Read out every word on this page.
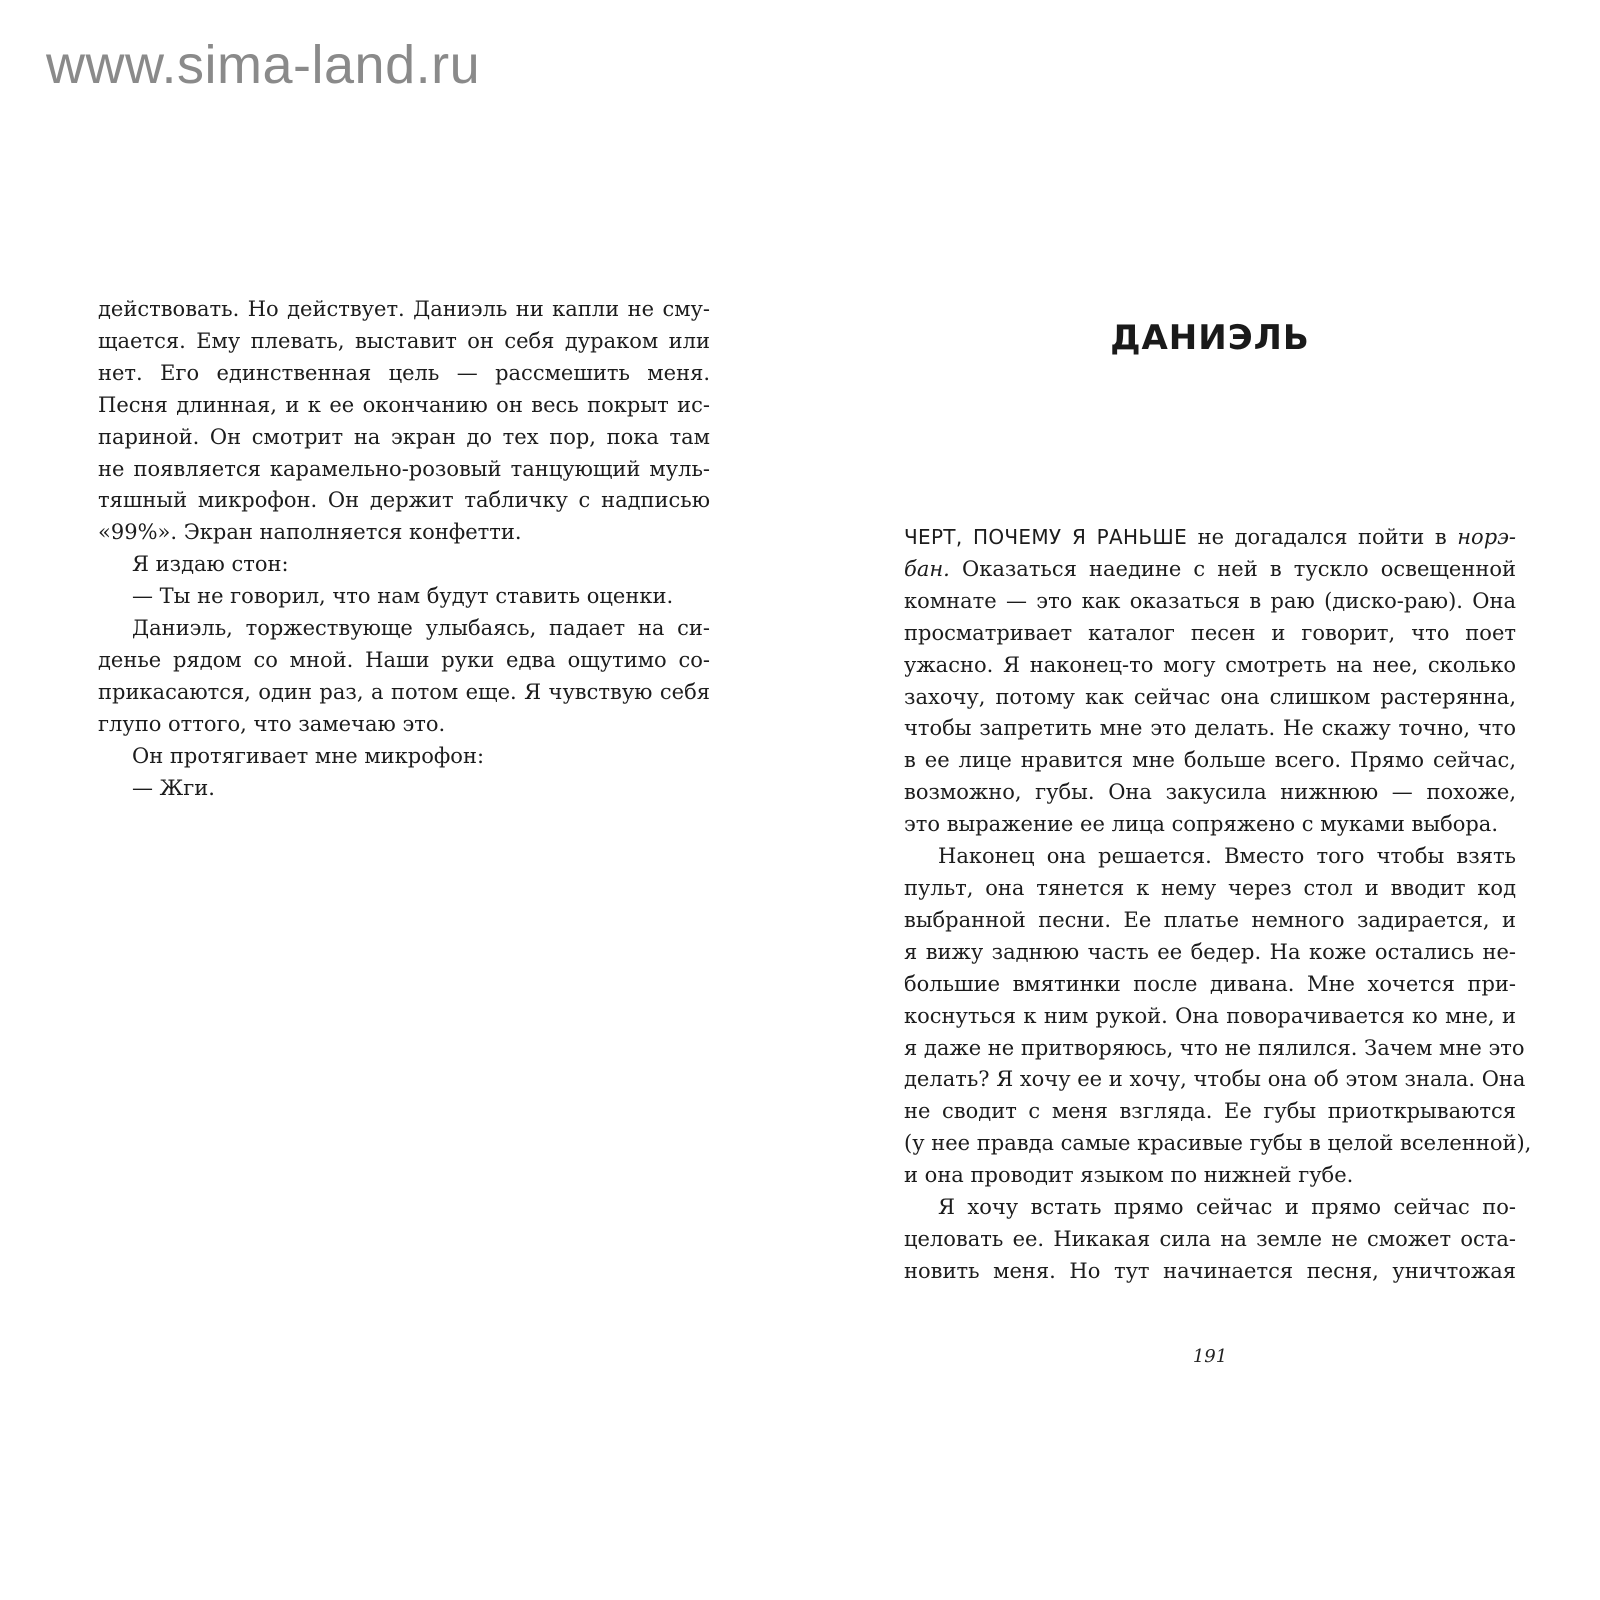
www.sima-land.ru
действовать. Но действует. Даниэль ни капли не сму-
щается. Ему плевать, выставит он себя дураком или
нет. Его единственная цель — рассмешить меня.
Песня длинная, и к ее окончанию он весь покрыт ис-
париной. Он смотрит на экран до тех пор, пока там
не появляется карамельно-розовый танцующий муль-
тяшный микрофон. Он держит табличку с надписью
«99%». Экран наполняется конфетти.
Я издаю стон:
— Ты не говорил, что нам будут ставить оценки.
Даниэль, торжествующе улыбаясь, падает на си-
денье рядом со мной. Наши руки едва ощутимо со-
прикасаются, один раз, а потом еще. Я чувствую себя
глупо оттого, что замечаю это.
Он протягивает мне микрофон:
— Жги.
ДАНИЭЛЬ
ЧЕРТ, ПОЧЕМУ Я РАНЬШЕ не догадался пойти в норэ-
бан. Оказаться наедине с ней в тускло освещенной
комнате — это как оказаться в раю (диско-раю). Она
просматривает каталог песен и говорит, что поет
ужасно. Я наконец-то могу смотреть на нее, сколько
захочу, потому как сейчас она слишком растерянна,
чтобы запретить мне это делать. Не скажу точно, что
в ее лице нравится мне больше всего. Прямо сейчас,
возможно, губы. Она закусила нижнюю — похоже,
это выражение ее лица сопряжено с муками выбора.
Наконец она решается. Вместо того чтобы взять
пульт, она тянется к нему через стол и вводит код
выбранной песни. Ее платье немного задирается, и
я вижу заднюю часть ее бедер. На коже остались не-
большие вмятинки после дивана. Мне хочется при-
коснуться к ним рукой. Она поворачивается ко мне, и
я даже не притворяюсь, что не пялился. Зачем мне это
делать? Я хочу ее и хочу, чтобы она об этом знала. Она
не сводит с меня взгляда. Ее губы приоткрываются
(у нее правда самые красивые губы в целой вселенной),
и она проводит языком по нижней губе.
Я хочу встать прямо сейчас и прямо сейчас по-
целовать ее. Никакая сила на земле не сможет оста-
новить меня. Но тут начинается песня, уничтожая
191
